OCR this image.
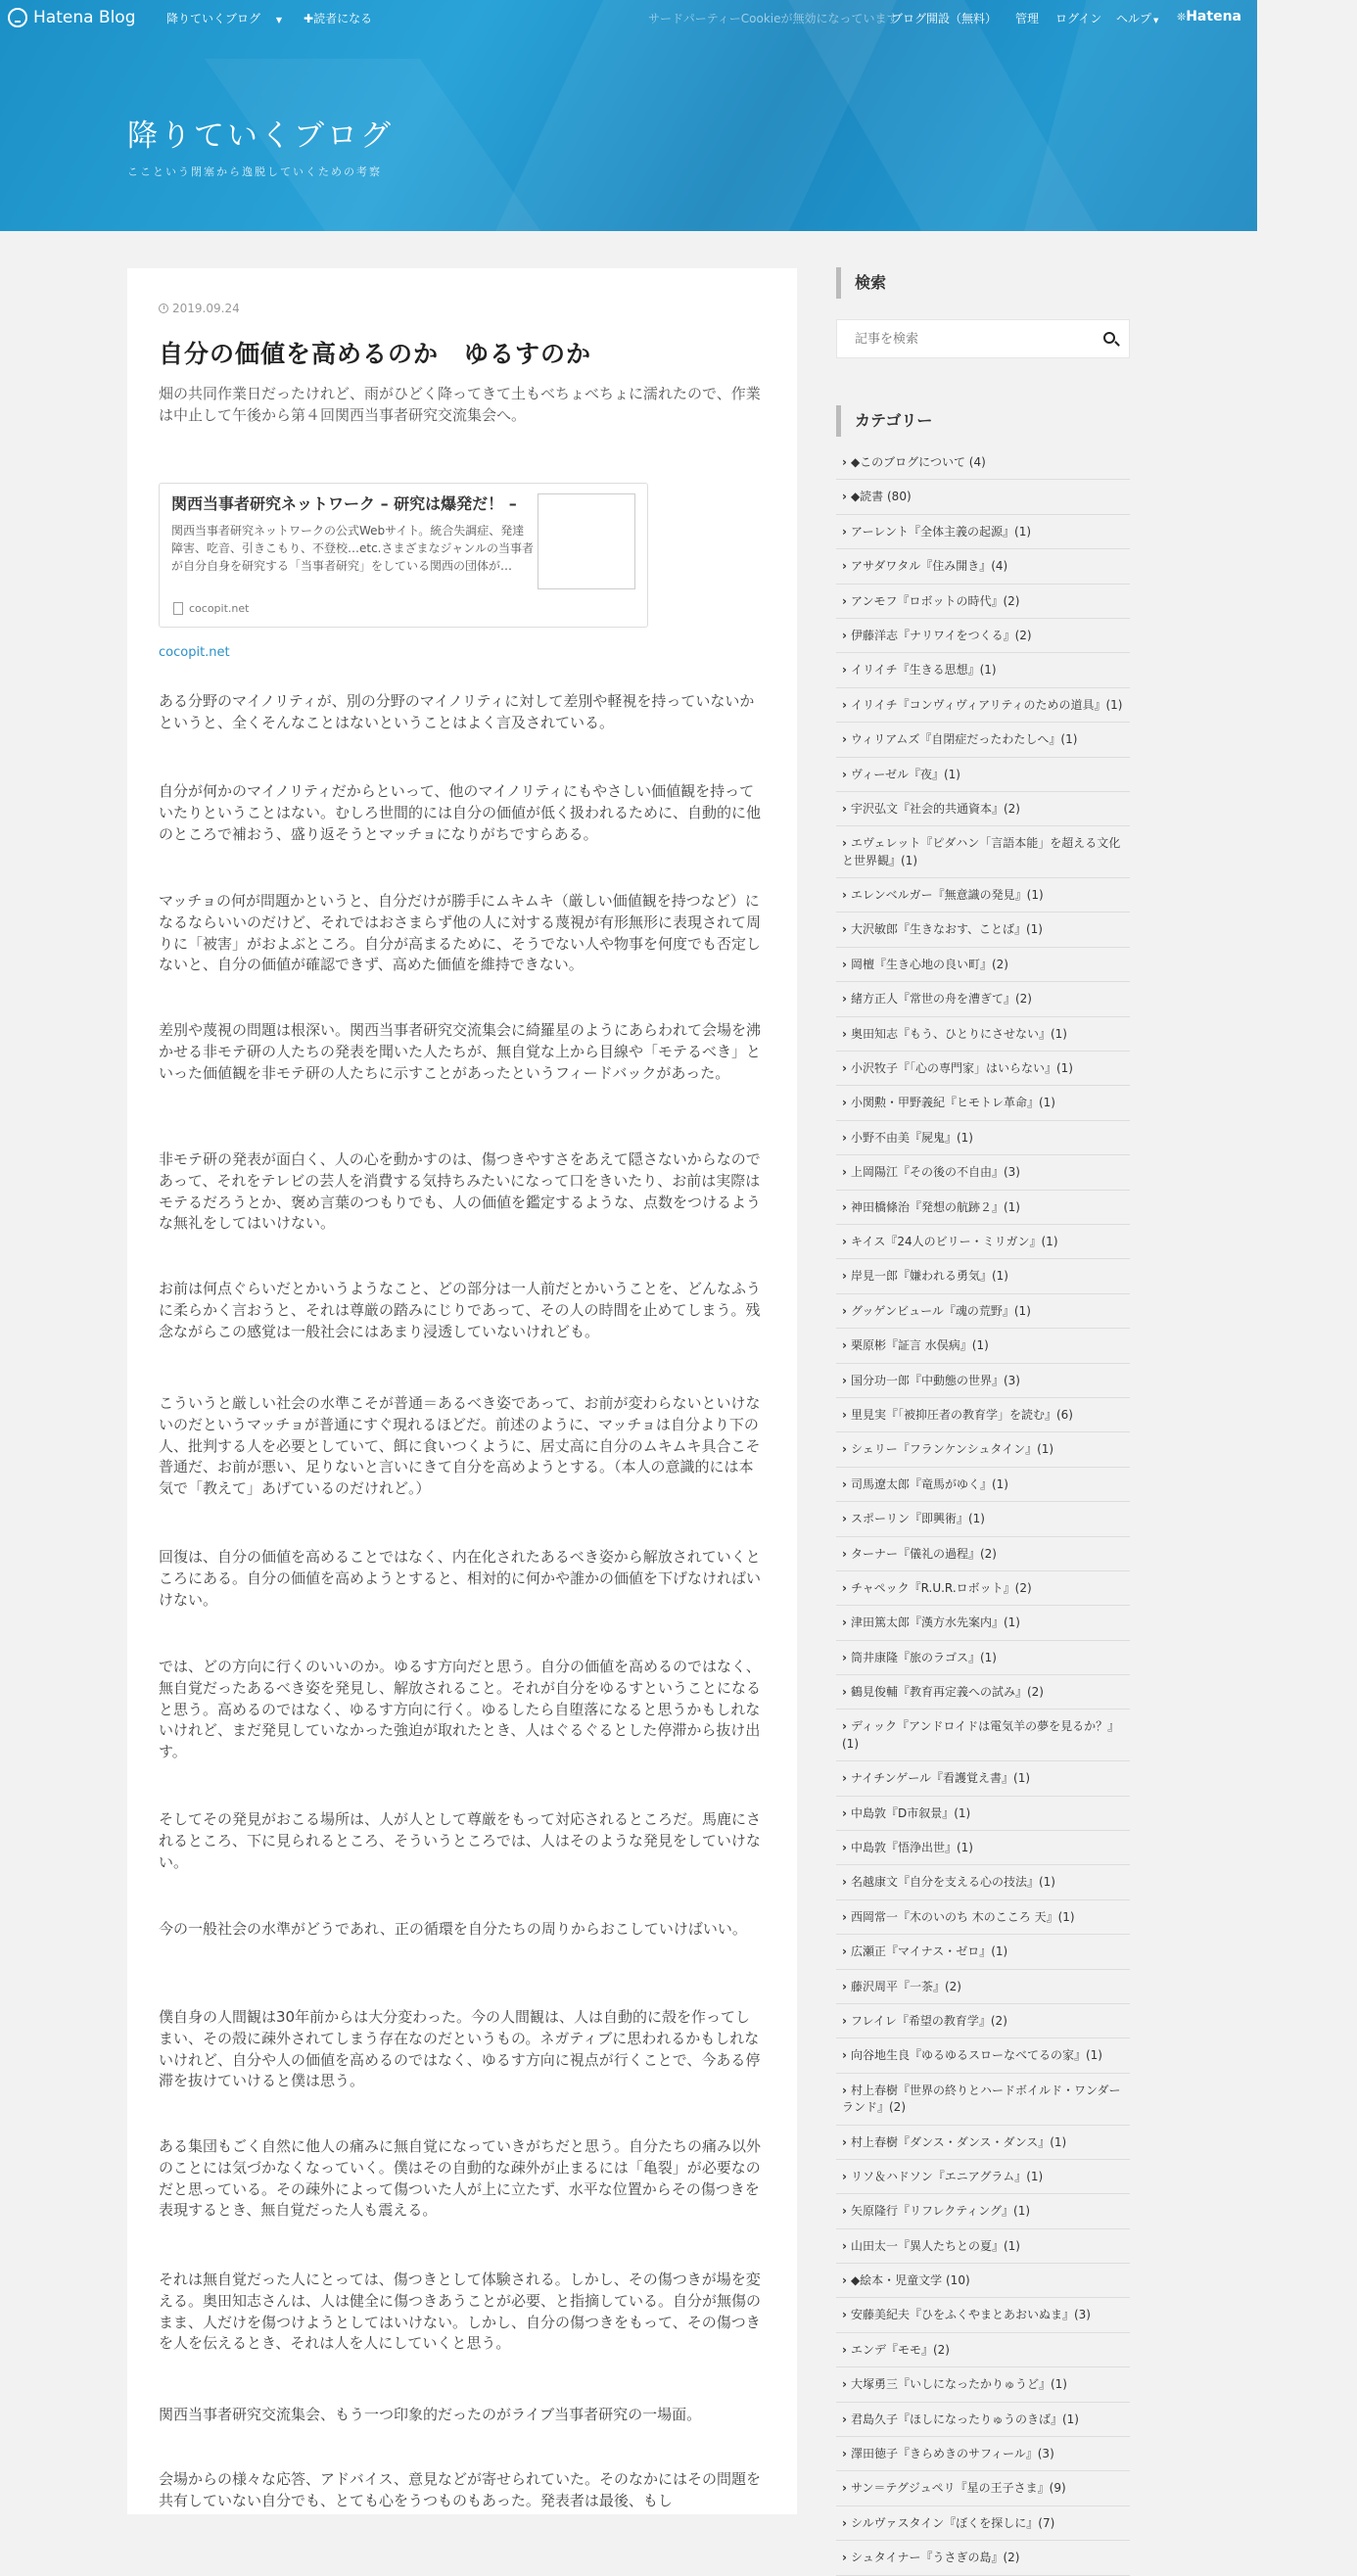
降りていくブログ
ここという閉塞から逸脱していくための考察
Hatena Blog	降りていくブログ ▼ ✚読者になる	サードパーティーCookieが無効になっています
ブログ開設（無料） 管理 ログイン ヘルプ ▼ ❊Hatena
2019.09.24
自分の価値を高めるのか　ゆるすのか
畑の共同作業日だったけれど、雨がひどく降ってきて土もべちょべちょに濡れたので、作業は中止して午後から第４回関西当事者研究交流集会へ。
関西当事者研究ネットワーク – 研究は爆発だ！ –
関西当事者研究ネットワークの公式Webサイト。統合失調症、発達障害、吃音、引きこもり、不登校…etc.さまざまなジャンルの当事者が自分自身を研究する「当事者研究」をしている関西の団体が…
cocopit.net
cocopit.net
ある分野のマイノリティが、別の分野のマイノリティに対して差別や軽視を持っていないかというと、全くそんなことはないということはよく言及されている。
自分が何かのマイノリティだからといって、他のマイノリティにもやさしい価値観を持っていたりということはない。むしろ世間的には自分の価値が低く扱われるために、自動的に他のところで補おう、盛り返そうとマッチョになりがちですらある。
マッチョの何が問題かというと、自分だけが勝手にムキムキ（厳しい価値観を持つなど）になるならいいのだけど、それではおさまらず他の人に対する蔑視が有形無形に表現されて周りに「被害」がおよぶところ。自分が高まるために、そうでない人や物事を何度でも否定しないと、自分の価値が確認できず、高めた価値を維持できない。
差別や蔑視の問題は根深い。関西当事者研究交流集会に綺羅星のようにあらわれて会場を沸かせる非モテ研の人たちの発表を聞いた人たちが、無自覚な上から目線や「モテるべき」といった価値観を非モテ研の人たちに示すことがあったというフィードバックがあった。
非モテ研の発表が面白く、人の心を動かすのは、傷つきやすさをあえて隠さないからなのであって、それをテレビの芸人を消費する気持ちみたいになって口をきいたり、お前は実際はモテるだろうとか、褒め言葉のつもりでも、人の価値を鑑定するような、点数をつけるような無礼をしてはいけない。
お前は何点ぐらいだとかいうようなこと、どの部分は一人前だとかいうことを、どんなふうに柔らかく言おうと、それは尊厳の踏みにじりであって、その人の時間を止めてしまう。残念ながらこの感覚は一般社会にはあまり浸透していないけれども。
こういうと厳しい社会の水準こそが普通＝あるべき姿であって、お前が変わらないといけないのだというマッチョが普通にすぐ現れるほどだ。前述のように、マッチョは自分より下の人、批判する人を必要としていて、餌に食いつくように、居丈高に自分のムキムキ具合こそ普通だ、お前が悪い、足りないと言いにきて自分を高めようとする。（本人の意識的には本気で「教えて」あげているのだけれど。）
回復は、自分の価値を高めることではなく、内在化されたあるべき姿から解放されていくところにある。自分の価値を高めようとすると、相対的に何かや誰かの価値を下げなければいけない。
では、どの方向に行くのいいのか。ゆるす方向だと思う。自分の価値を高めるのではなく、無自覚だったあるべき姿を発見し、解放されること。それが自分をゆるすということになると思う。高めるのではなく、ゆるす方向に行く。ゆるしたら自堕落になると思うかもしれないけれど、まだ発見していなかった強迫が取れたとき、人はぐるぐるとした停滞から抜け出す。
そしてその発見がおこる場所は、人が人として尊厳をもって対応されるところだ。馬鹿にされるところ、下に見られるところ、そういうところでは、人はそのような発見をしていけない。
今の一般社会の水準がどうであれ、正の循環を自分たちの周りからおこしていけばいい。
僕自身の人間観は30年前からは大分変わった。今の人間観は、人は自動的に殻を作ってしまい、その殻に疎外されてしまう存在なのだというもの。ネガティブに思われるかもしれないけれど、自分や人の価値を高めるのではなく、ゆるす方向に視点が行くことで、今ある停滞を抜けていけると僕は思う。
ある集団もごく自然に他人の痛みに無自覚になっていきがちだと思う。自分たちの痛み以外のことには気づかなくなっていく。僕はその自動的な疎外が止まるには「亀裂」が必要なのだと思っている。その疎外によって傷ついた人が上に立たず、水平な位置からその傷つきを表現するとき、無自覚だった人も震える。
それは無自覚だった人にとっては、傷つきとして体験される。しかし、その傷つきが場を変える。奥田知志さんは、人は健全に傷つきあうことが必要、と指摘している。自分が無傷のまま、人だけを傷つけようとしてはいけない。しかし、自分の傷つきをもって、その傷つきを人を伝えるとき、それは人を人にしていくと思う。
関西当事者研究交流集会、もう一つ印象的だったのがライブ当事者研究の一場面。
会場からの様々な応答、アドバイス、意見などが寄せられていた。そのなかにはその問題を共有していない自分でも、とても心をうつものもあった。発表者は最後、もし
検索
記事を検索
カテゴリー
› ◆このブログについて (4)
› ◆読書 (80)
› アーレント『全体主義の起源』(1)
› アサダワタル『住み開き』(4)
› アンモフ『ロボットの時代』(2)
› 伊藤洋志『ナリワイをつくる』(2)
› イリイチ『生きる思想』(1)
› イリイチ『コンヴィヴィアリティのための道具』(1)
› ウィリアムズ『自閉症だったわたしへ』(1)
› ヴィーゼル『夜』(1)
› 宇沢弘文『社会的共通資本』(2)
› エヴェレット『ピダハン「言語本能」を超える文化と世界観』(1)
› エレンベルガー『無意識の発見』(1)
› 大沢敏郎『生きなおす、ことば』(1)
› 岡檀『生き心地の良い町』(2)
› 緒方正人『常世の舟を漕ぎて』(2)
› 奥田知志『もう、ひとりにさせない』(1)
› 小沢牧子『「心の専門家」はいらない』(1)
› 小関勲・甲野義紀『ヒモトレ革命』(1)
› 小野不由美『屍鬼』(1)
› 上岡陽江『その後の不自由』(3)
› 神田橋條治『発想の航跡２』(1)
› キイス『24人のビリー・ミリガン』(1)
› 岸見一郎『嫌われる勇気』(1)
› グッゲンビュール『魂の荒野』(1)
› 栗原彬『証言 水俣病』(1)
› 国分功一郎『中動態の世界』(3)
› 里見実『「被抑圧者の教育学」を読む』(6)
› シェリー『フランケンシュタイン』(1)
› 司馬遼太郎『竜馬がゆく』(1)
› スポーリン『即興術』(1)
› ターナー『儀礼の過程』(2)
› チャペック『R.U.R.ロボット』(2)
› 津田篤太郎『漢方水先案内』(1)
› 筒井康隆『旅のラゴス』(1)
› 鶴見俊輔『教育再定義への試み』(2)
› ディック『アンドロイドは電気羊の夢を見るか？』(1)
› ナイチンゲール『看護覚え書』(1)
› 中島敦『D市叙景』(1)
› 中島敦『悟浄出世』(1)
› 名越康文『自分を支える心の技法』(1)
› 西岡常一『木のいのち 木のこころ 天』(1)
› 広瀬正『マイナス・ゼロ』(1)
› 藤沢周平『一茶』(2)
› フレイレ『希望の教育学』(2)
› 向谷地生良『ゆるゆるスローなべてるの家』(1)
› 村上春樹『世界の終りとハードボイルド・ワンダーランド』(2)
› 村上春樹『ダンス・ダンス・ダンス』(1)
› リソ＆ハドソン『エニアグラム』(1)
› 矢原隆行『リフレクティング』(1)
› 山田太一『異人たちとの夏』(1)
› ◆絵本・児童文学 (10)
› 安藤美紀夫『ひをふくやまとあおいぬま』(3)
› エンデ『モモ』(2)
› 大塚勇三『いしになったかりゅうど』(1)
› 君島久子『ほしになったりゅうのきば』(1)
› 澤田徳子『きらめきのサフィール』(3)
› サン＝テグジュペリ『星の王子さま』(9)
› シルヴァスタイン『ぼくを探しに』(7)
› シュタイナー『うさぎの島』(2)
